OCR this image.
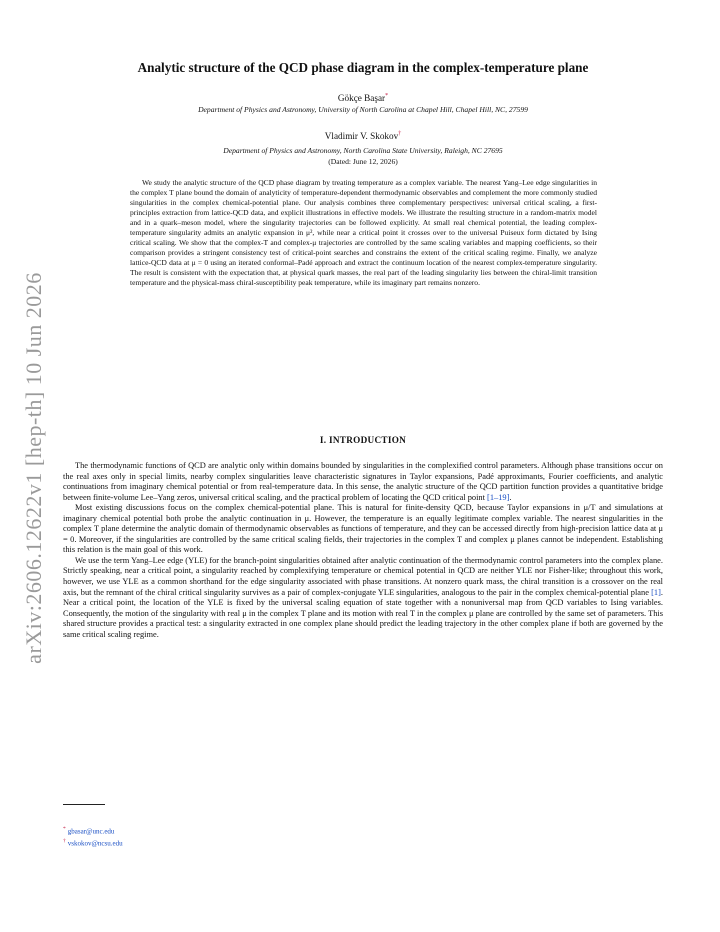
arXiv:2606.12622v1 [hep-th] 10 Jun 2026
Analytic structure of the QCD phase diagram in the complex-temperature plane
Gökçe Başar*
Department of Physics and Astronomy, University of North Carolina at Chapel Hill, Chapel Hill, NC, 27599
Vladimir V. Skokov†
Department of Physics and Astronomy, North Carolina State University, Raleigh, NC 27695
(Dated: June 12, 2026)
We study the analytic structure of the QCD phase diagram by treating temperature as a complex variable. The nearest Yang–Lee edge singularities in the complex T plane bound the domain of analyticity of temperature-dependent thermodynamic observables and complement the more commonly studied singularities in the complex chemical-potential plane. Our analysis combines three complementary perspectives: universal critical scaling, a first-principles extraction from lattice-QCD data, and explicit illustrations in effective models. We illustrate the resulting structure in a random-matrix model and in a quark–meson model, where the singularity trajectories can be followed explicitly. At small real chemical potential, the leading complex-temperature singularity admits an analytic expansion in μ², while near a critical point it crosses over to the universal Puiseux form dictated by Ising critical scaling. We show that the complex-T and complex-μ trajectories are controlled by the same scaling variables and mapping coefficients, so their comparison provides a stringent consistency test of critical-point searches and constrains the extent of the critical scaling regime. Finally, we analyze lattice-QCD data at μ = 0 using an iterated conformal–Padé approach and extract the continuum location of the nearest complex-temperature singularity. The result is consistent with the expectation that, at physical quark masses, the real part of the leading singularity lies between the chiral-limit transition temperature and the physical-mass chiral-susceptibility peak temperature, while its imaginary part remains nonzero.
I. INTRODUCTION

The thermodynamic functions of QCD are analytic only within domains bounded by singularities in the complexified control parameters. Although phase transitions occur on the real axes only in special limits, nearby complex singularities leave characteristic signatures in Taylor expansions, Padé approximants, Fourier coefficients, and analytic continuations from imaginary chemical potential or from real-temperature data. In this sense, the analytic structure of the QCD partition function provides a quantitative bridge between finite-volume Lee–Yang zeros, universal critical scaling, and the practical problem of locating the QCD critical point [1–19].

Most existing discussions focus on the complex chemical-potential plane. This is natural for finite-density QCD, because Taylor expansions in μ/T and simulations at imaginary chemical potential both probe the analytic continuation in μ. However, the temperature is an equally legitimate complex variable. The nearest singularities in the complex T plane determine the analytic domain of thermodynamic observables as functions of temperature, and they can be accessed directly from high-precision lattice data at μ = 0. Moreover, if the singularities are controlled by the same critical scaling fields, their trajectories in the complex T and complex μ planes cannot be independent. Establishing this relation is the main goal of this work.

We use the term Yang–Lee edge (YLE) for the branch-point singularities obtained after analytic continuation of the thermodynamic control parameters into the complex plane. Strictly speaking, near a critical point, a singularity reached by complexifying temperature or chemical potential in QCD are neither YLE nor Fisher-like; throughout this work, however, we use YLE as a common shorthand for the edge singularity associated with phase transitions. At nonzero quark mass, the chiral transition is a crossover on the real axis, but the remnant of the chiral critical singularity survives as a pair of complex-conjugate YLE singularities, analogous to the pair in the complex chemical-potential plane [1]. Near a critical point, the location of the YLE is fixed by the universal scaling equation of state together with a nonuniversal map from QCD variables to Ising variables. Consequently, the motion of the singularity with real μ in the complex T plane and its motion with real T in the complex μ plane are controlled by the same set of parameters. This shared structure provides a practical test: a singularity extracted in one complex plane should predict the leading trajectory in the other complex plane if both are governed by the same critical scaling regime.

* gbasar@unc.edu
† vskokov@ncsu.edu
